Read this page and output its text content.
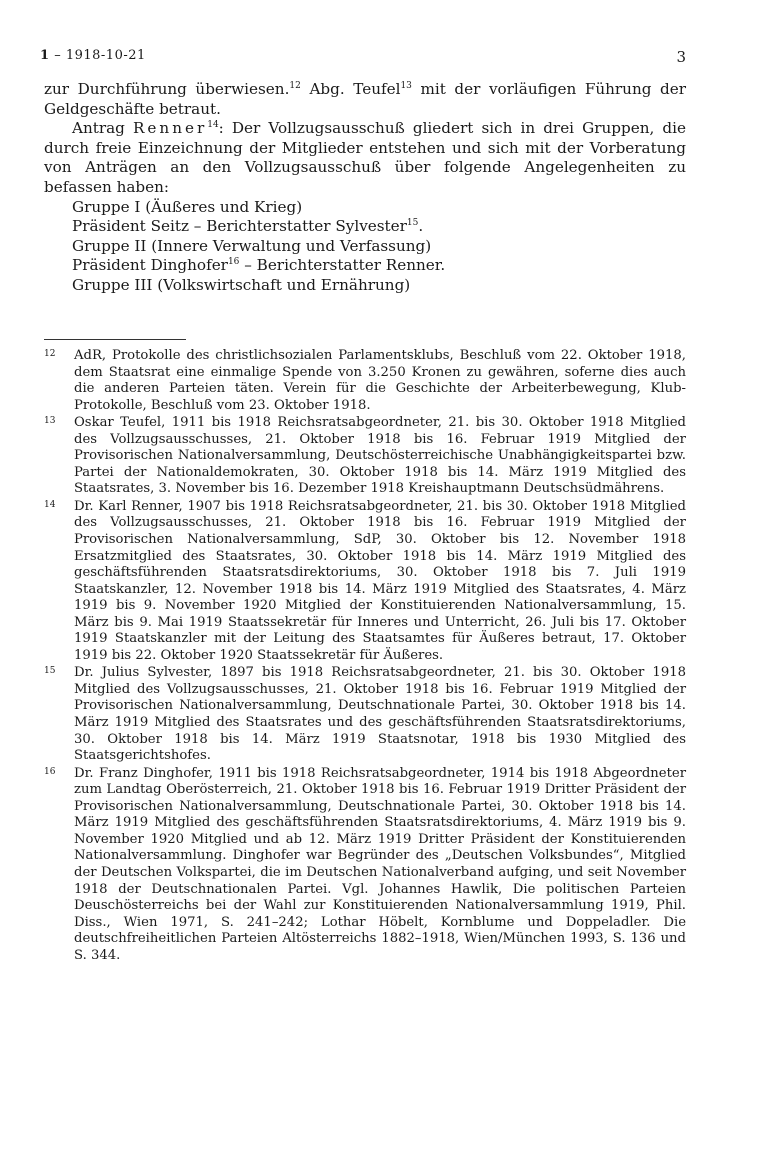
1 – 1918-10-21	3

zur Durchführung überwiesen.$^{12}$ Abg. Teufel$^{13}$ mit der vorläufigen Führung der Geldgeschäfte betraut.

Antrag Renner$^{14}$: Der Vollzugsausschuß gliedert sich in drei Gruppen, die durch freie Einzeichnung der Mitglieder entstehen und sich mit der Vorberatung von Anträgen an den Vollzugsausschuß über folgende Angelegenheiten zu befassen haben:

Gruppe I (Äußeres und Krieg)

Präsident Seitz – Berichterstatter Sylvester$^{15}$.

Gruppe II (Innere Verwaltung und Verfassung)

Präsident Dinghofer$^{16}$ – Berichterstatter Renner.

Gruppe III (Volkswirtschaft und Ernährung)

12 AdR, Protokolle des christlichsozialen Parlamentsklubs, Beschluß vom 22. Oktober 1918, dem Staatsrat eine einmalige Spende von 3.250 Kronen zu gewähren, soferne dies auch die anderen Parteien täten. Verein für die Geschichte der Arbeiterbewegung, Klub-Protokolle, Beschluß vom 23. Oktober 1918.
13 Oskar Teufel, 1911 bis 1918 Reichsratsabgeordneter, 21. bis 30. Oktober 1918 Mitglied des Vollzugsausschusses, 21. Oktober 1918 bis 16. Februar 1919 Mitglied der Provisorischen Nationalversammlung, Deutschösterreichische Unabhängigkeitspartei bzw. Partei der Nationaldemokraten, 30. Oktober 1918 bis 14. März 1919 Mitglied des Staatsrates, 3. November bis 16. Dezember 1918 Kreishauptmann Deutschsüdmährens.
14 Dr. Karl Renner, 1907 bis 1918 Reichsratsabgeordneter, 21. bis 30. Oktober 1918 Mitglied des Vollzugsausschusses, 21. Oktober 1918 bis 16. Februar 1919 Mitglied der Provisorischen Nationalversammlung, SdP, 30. Oktober bis 12. November 1918 Ersatzmitglied des Staatsrates, 30. Oktober 1918 bis 14. März 1919 Mitglied des geschäftsführenden Staatsratsdirektoriums, 30. Oktober 1918 bis 7. Juli 1919 Staatskanzler, 12. November 1918 bis 14. März 1919 Mitglied des Staatsrates, 4. März 1919 bis 9. November 1920 Mitglied der Konstituierenden Nationalversammlung, 15. März bis 9. Mai 1919 Staatssekretär für Inneres und Unterricht, 26. Juli bis 17. Oktober 1919 Staatskanzler mit der Leitung des Staatsamtes für Äußeres betraut, 17. Oktober 1919 bis 22. Oktober 1920 Staatssekretär für Äußeres.
15 Dr. Julius Sylvester, 1897 bis 1918 Reichsratsabgeordneter, 21. bis 30. Oktober 1918 Mitglied des Vollzugsausschusses, 21. Oktober 1918 bis 16. Februar 1919 Mitglied der Provisorischen Nationalversammlung, Deutschnationale Partei, 30. Oktober 1918 bis 14. März 1919 Mitglied des Staatsrates und des geschäftsführenden Staatsratsdirektoriums, 30. Oktober 1918 bis 14. März 1919 Staatsnotar, 1918 bis 1930 Mitglied des Staatsgerichtshofes.
16 Dr. Franz Dinghofer, 1911 bis 1918 Reichsratsabgeordneter, 1914 bis 1918 Abgeordneter zum Landtag Oberösterreich, 21. Oktober 1918 bis 16. Februar 1919 Dritter Präsident der Provisorischen Nationalversammlung, Deutschnationale Partei, 30. Oktober 1918 bis 14. März 1919 Mitglied des geschäftsführenden Staatsratsdirektoriums, 4. März 1919 bis 9. November 1920 Mitglied und ab 12. März 1919 Dritter Präsident der Konstituierenden Nationalversammlung. Dinghofer war Begründer des „Deutschen Volksbundes“, Mitglied der Deutschen Volkspartei, die im Deutschen Nationalverband aufging, und seit November 1918 der Deutschnationalen Partei. Vgl. Johannes Hawlik, Die politischen Parteien Deuschösterreichs bei der Wahl zur Konstituierenden Nationalversammlung 1919, Phil. Diss., Wien 1971, S. 241–242; Lothar Höbelt, Kornblume und Doppeladler. Die deutschfreiheitlichen Parteien Altösterreichs 1882–1918, Wien/München 1993, S. 136 und S. 344.
